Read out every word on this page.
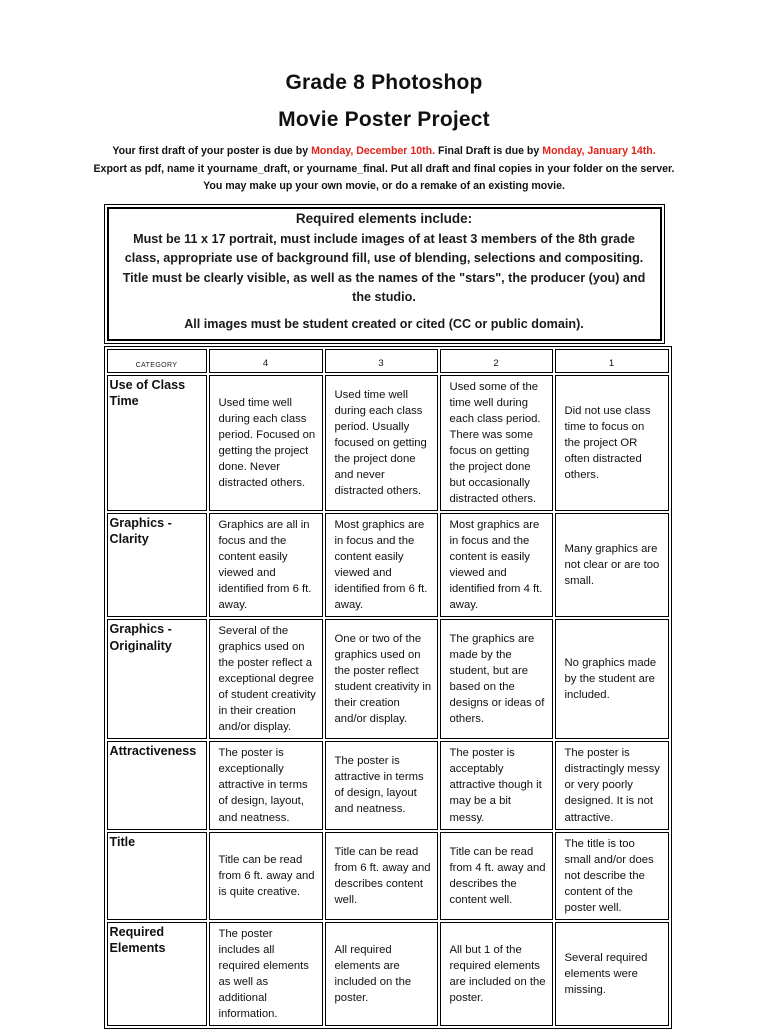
Grade 8 Photoshop
Movie Poster Project
Your first draft of your poster is due by Monday, December 10th. Final Draft is due by Monday, January 14th.
Export as pdf, name it yourname_draft, or yourname_final. Put all draft and final copies in your folder on the server.
You may make up your own movie, or do a remake of an existing movie.
Required elements include:
Must be 11 x 17 portrait, must include images of at least 3 members of the 8th grade class, appropriate use of background fill, use of blending, selections and compositing. Title must be clearly visible, as well as the names of the "stars", the producer (you) and the studio.
All images must be student created or cited (CC or public domain).
CATEGORY	4	3	2	1
Use of Class Time	Used time well during each class period. Focused on getting the project done. Never distracted others.	Used time well during each class period. Usually focused on getting the project done and never distracted others.	Used some of the time well during each class period. There was some focus on getting the project done but occasionally distracted others.	Did not use class time to focus on the project OR often distracted others.
Graphics -Clarity	Graphics are all in focus and the content easily viewed and identified from 6 ft. away.	Most graphics are in focus and the content easily viewed and identified from 6 ft. away.	Most graphics are in focus and the content is easily viewed and identified from 4 ft. away.	Many graphics are not clear or are too small.
Graphics - Originality	Several of the graphics used on the poster reflect a exceptional degree of student creativity in their creation and/or display.	One or two of the graphics used on the poster reflect student creativity in their creation and/or display.	The graphics are made by the student, but are based on the designs or ideas of others.	No graphics made by the student are included.
Attractiveness	The poster is exceptionally attractive in terms of design, layout, and neatness.	The poster is attractive in terms of design, layout and neatness.	The poster is acceptably attractive though it may be a bit messy.	The poster is distractingly messy or very poorly designed. It is not attractive.
Title	Title can be read from 6 ft. away and is quite creative.	Title can be read from 6 ft. away and describes content well.	Title can be read from 4 ft. away and describes the content well.	The title is too small and/or does not describe the content of the poster well.
Required Elements	The poster includes all required elements as well as additional information.	All required elements are included on the poster.	All but 1 of the required elements are included on the poster.	Several required elements were missing.
